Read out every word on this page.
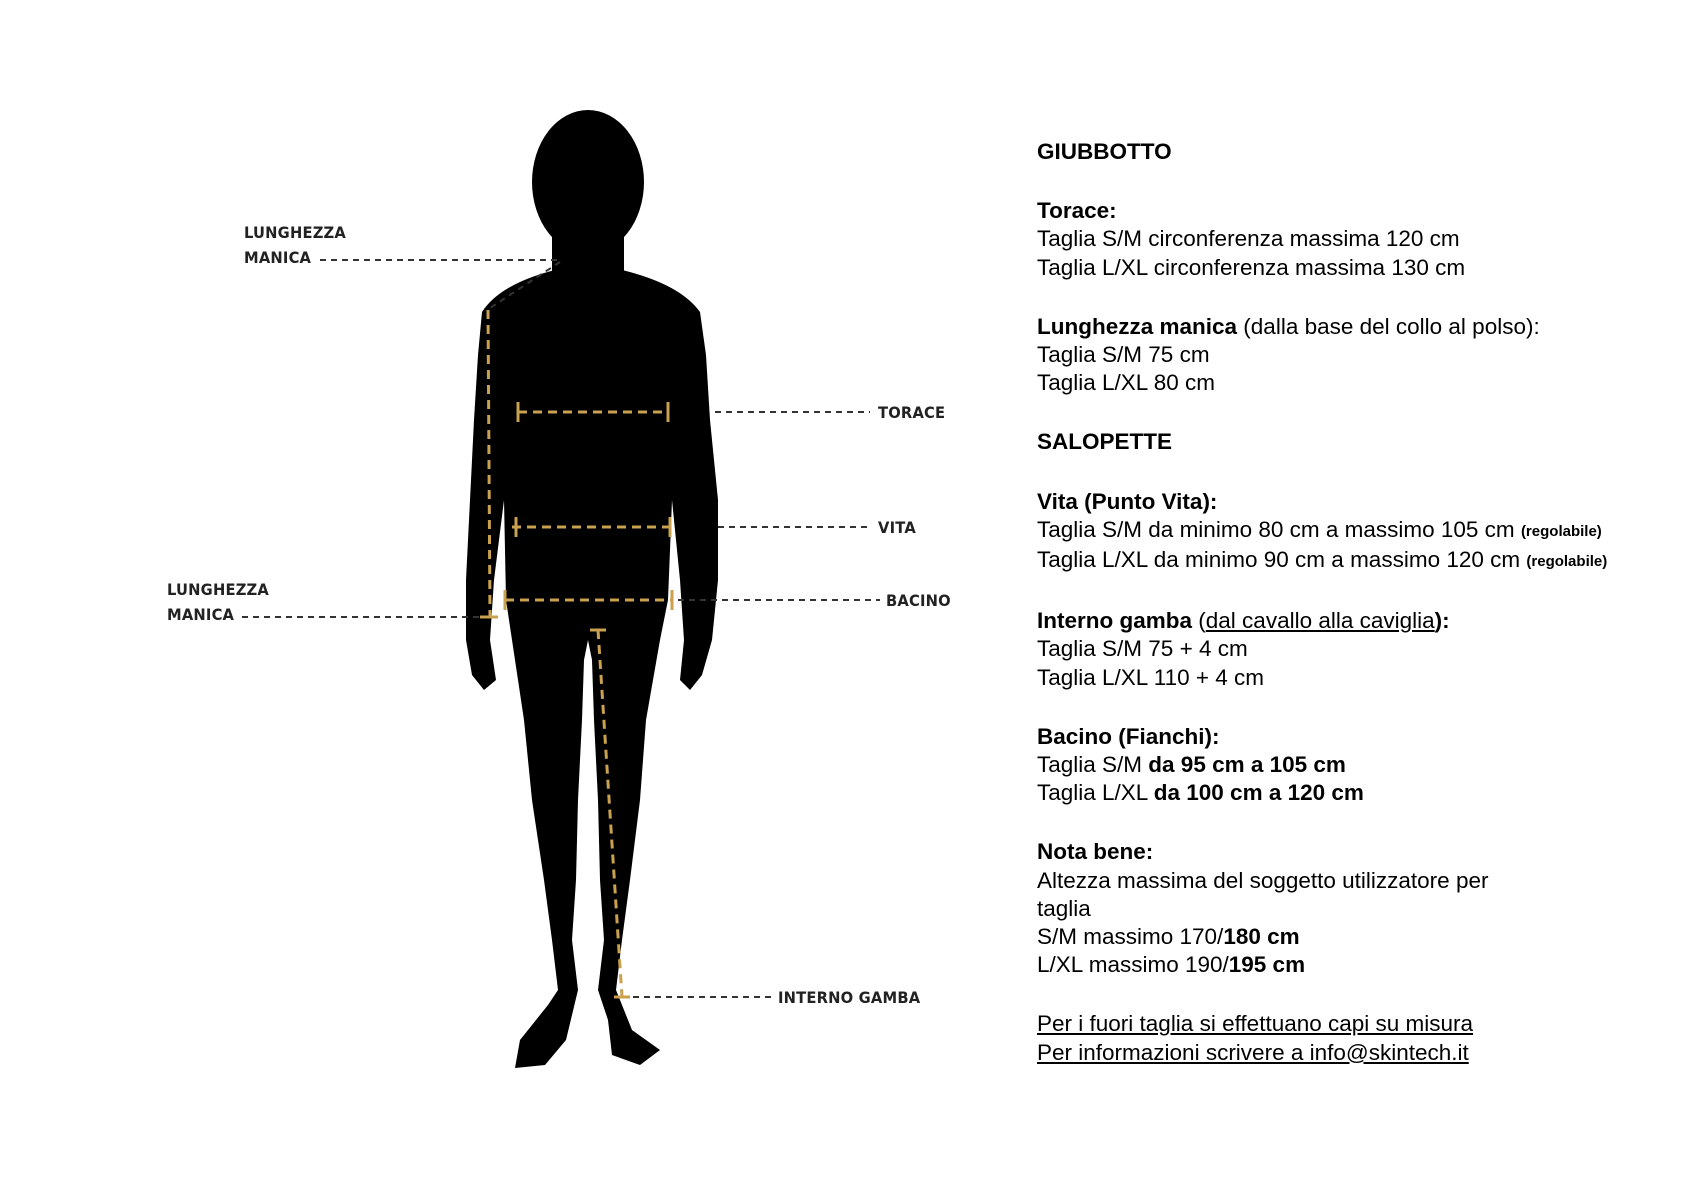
LUNGHEZZA
MANICA
TORACE
VITA
BACINO
LUNGHEZZA
MANICA
INTERNO GAMBA

GIUBBOTTO

Torace:

Taglia S/M circonferenza massima 120 cm

Taglia L/XL circonferenza massima 130 cm

Lunghezza manica (dalla base del collo al polso):

Taglia S/M 75 cm

Taglia L/XL 80 cm

SALOPETTE

Vita (Punto Vita):

Taglia S/M da minimo 80 cm a massimo 105 cm (regolabile)

Taglia L/XL da minimo 90 cm a massimo 120 cm (regolabile)

Interno gamba (dal cavallo alla caviglia):

Taglia S/M 75 + 4 cm

Taglia L/XL 110 + 4 cm

Bacino (Fianchi):

Taglia S/M da 95 cm a 105 cm

Taglia L/XL da 100 cm a 120 cm

Nota bene:

Altezza massima del soggetto utilizzatore per

taglia

S/M massimo 170/180 cm

L/XL massimo 190/195 cm

Per i fuori taglia si effettuano capi su misura

Per informazioni scrivere a info@skintech.it
